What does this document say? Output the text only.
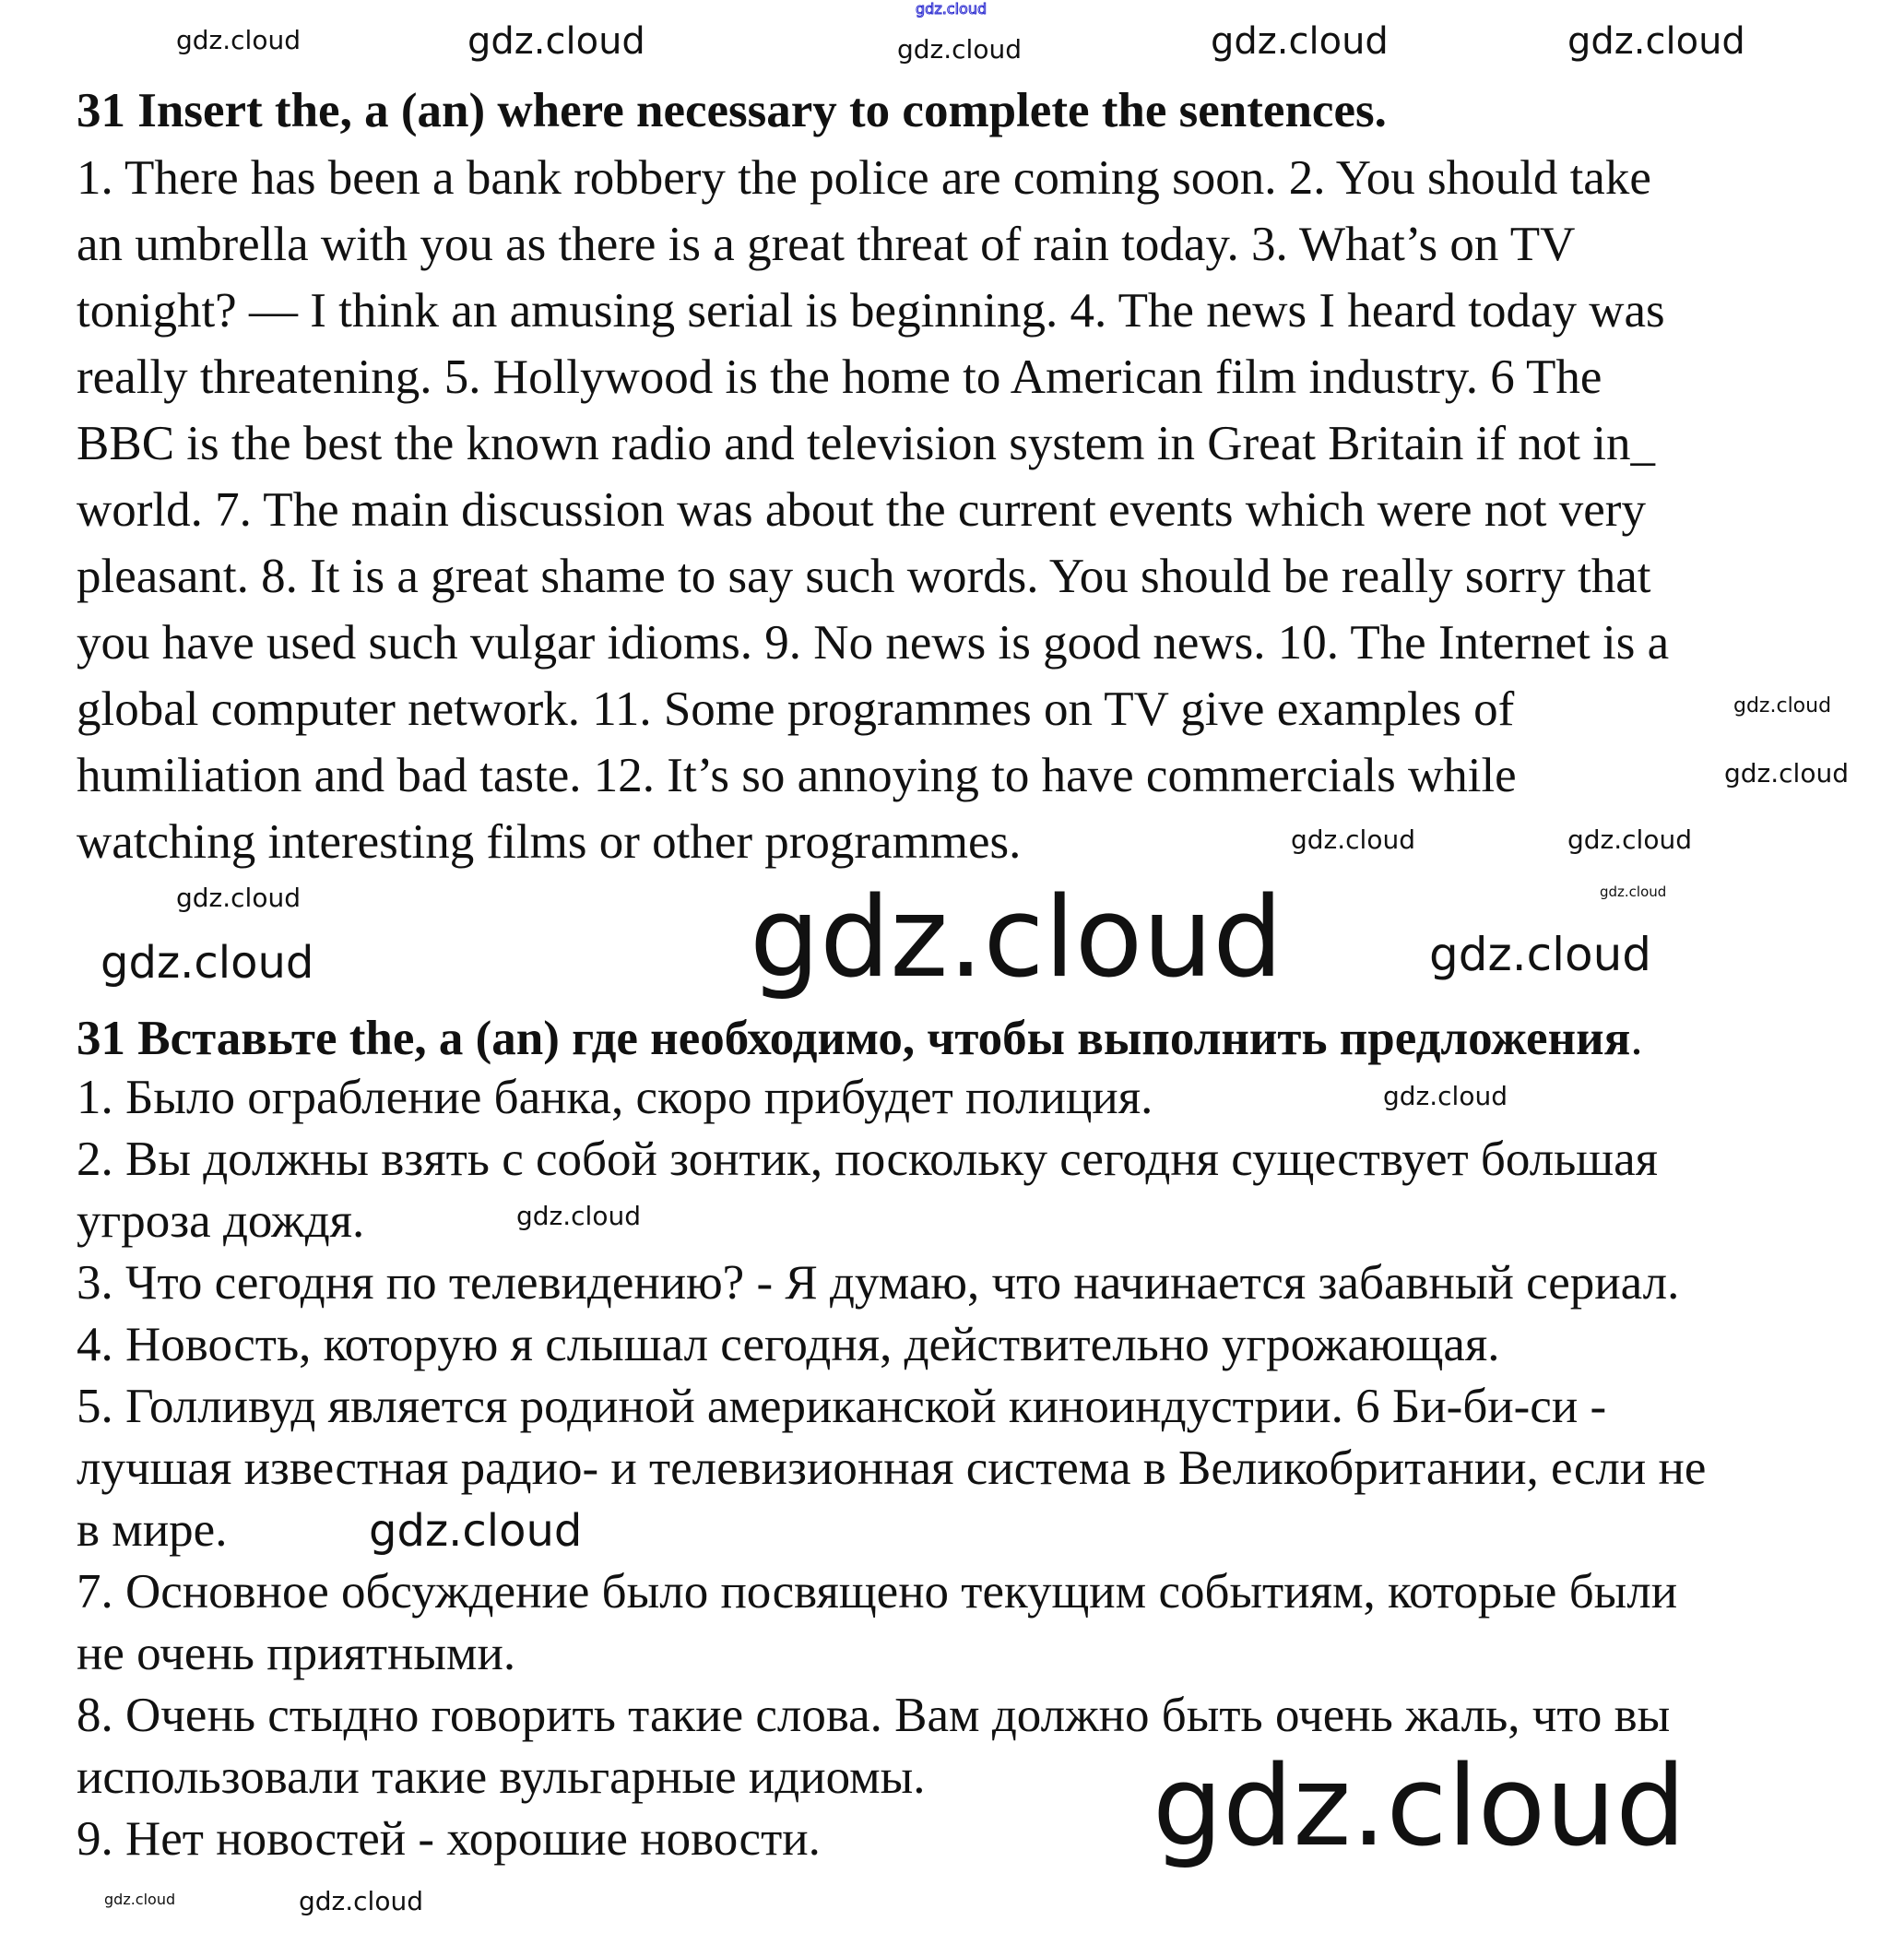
31 Insert the, a (an) where necessary to complete the sentences.
1. There has been a bank robbery the police are coming soon. 2. You should take
an umbrella with you as there is a great threat of rain today. 3. What’s on TV
tonight? — I think an amusing serial is beginning. 4. The news I heard today was
really threatening. 5. Hollywood is the home to American film industry. 6 The
BBC is the best the known radio and television system in Great Britain if not in_
world. 7. The main discussion was about the current events which were not very
pleasant. 8. It is a great shame to say such words. You should be really sorry that
you have used such vulgar idioms. 9. No news is good news. 10. The Internet is a
global computer network. 11. Some programmes on TV give examples of
humiliation and bad taste. 12. It’s so annoying to have commercials while
watching interesting films or other programmes.
31 Вставьте the, a (an) где необходимо, чтобы выполнить предложения.
1. Было ограбление банка, скоро прибудет полиция.
2. Вы должны взять с собой зонтик, поскольку сегодня существует большая
угроза дождя.
3. Что сегодня по телевидению? - Я думаю, что начинается забавный сериал.
4. Новость, которую я слышал сегодня, действительно угрожающая.
5. Голливуд является родиной американской киноиндустрии. 6 Би-би-си -
лучшая известная радио- и телевизионная система в Великобритании, если не
в мире.
7. Основное обсуждение было посвящено текущим событиям, которые были
не очень приятными.
8. Очень стыдно говорить такие слова. Вам должно быть очень жаль, что вы
использовали такие вульгарные идиомы.
9. Нет новостей - хорошие новости.
gdz.cloud
gdz.cloud
gdz.cloud
gdz.cloud
gdz.cloud	gdz.cloud
gdz.cloud
gdz.cloud
gdz.cloud	gdz.cloud
gdz.cloud	gdz.cloud
gdz.cloud
gdz.cloud
gdz.cloud
gdz.cloud
gdz.cloud
gdz.cloud
gdz.cloud
gdz.cloud	gdz.cloud
